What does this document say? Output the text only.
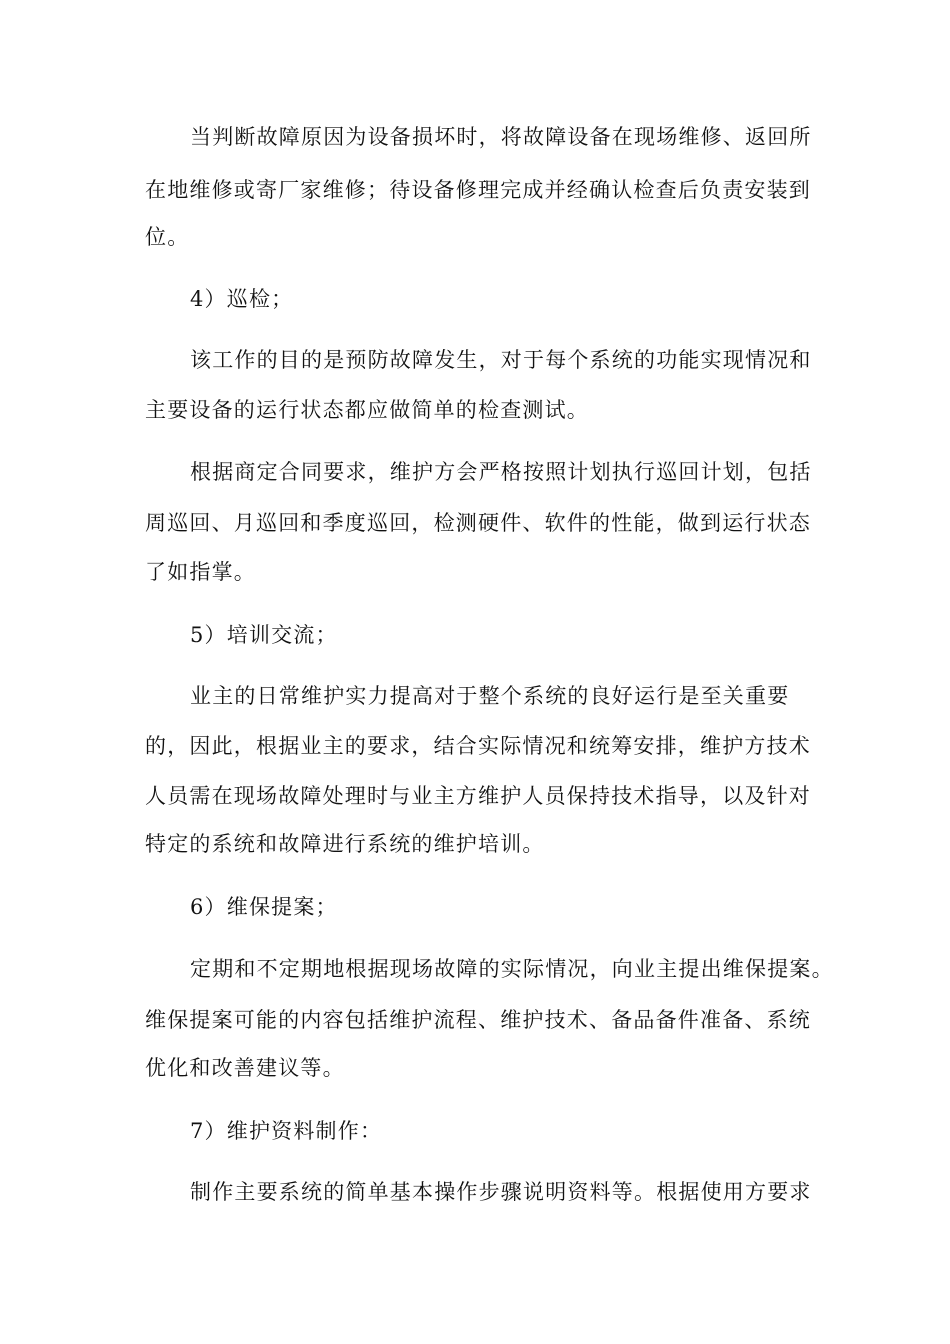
当判断故障原因为设备损坏时，将故障设备在现场维修、返回所
在地维修或寄厂家维修；待设备修理完成并经确认检查后负责安装到
位。
4）巡检；
该工作的目的是预防故障发生，对于每个系统的功能实现情况和
主要设备的运行状态都应做简单的检查测试。
根据商定合同要求，维护方会严格按照计划执行巡回计划，包括
周巡回、月巡回和季度巡回，检测硬件、软件的性能，做到运行状态
了如指掌。
5）培训交流；
业主的日常维护实力提高对于整个系统的良好运行是至关重要
的，因此，根据业主的要求，结合实际情况和统筹安排，维护方技术
人员需在现场故障处理时与业主方维护人员保持技术指导，以及针对
特定的系统和故障进行系统的维护培训。
6）维保提案；
定期和不定期地根据现场故障的实际情况，向业主提出维保提案。
维保提案可能的内容包括维护流程、维护技术、备品备件准备、系统
优化和改善建议等。
7）维护资料制作：
制作主要系统的简单基本操作步骤说明资料等。根据使用方要求
